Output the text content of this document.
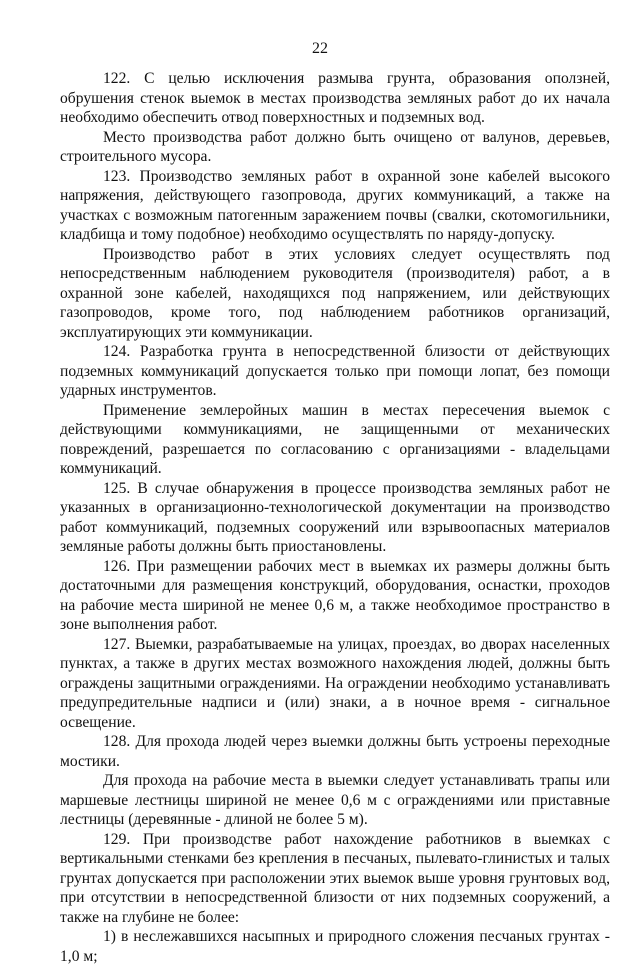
22

122. С целью исключения размыва грунта, образования оползней, обрушения стенок выемок в местах производства земляных работ до их начала необходимо обеспечить отвод поверхностных и подземных вод.

Место производства работ должно быть очищено от валунов, деревьев, строительного мусора.

123. Производство земляных работ в охранной зоне кабелей высокого напряжения, действующего газопровода, других коммуникаций, а также на участках с возможным патогенным заражением почвы (свалки, скотомогильники, кладбища и тому подобное) необходимо осуществлять по наряду-допуску.

Производство работ в этих условиях следует осуществлять под непосредственным наблюдением руководителя (производителя) работ, а в охранной зоне кабелей, находящихся под напряжением, или действующих газопроводов, кроме того, под наблюдением работников организаций, эксплуатирующих эти коммуникации.

124. Разработка грунта в непосредственной близости от действующих подземных коммуникаций допускается только при помощи лопат, без помощи ударных инструментов.

Применение землеройных машин в местах пересечения выемок с действующими коммуникациями, не защищенными от механических повреждений, разрешается по согласованию с организациями - владельцами коммуникаций.

125. В случае обнаружения в процессе производства земляных работ не указанных в организационно-технологической документации на производство работ коммуникаций, подземных сооружений или взрывоопасных материалов земляные работы должны быть приостановлены.

126. При размещении рабочих мест в выемках их размеры должны быть достаточными для размещения конструкций, оборудования, оснастки, проходов на рабочие места шириной не менее 0,6 м, а также необходимое пространство в зоне выполнения работ.

127. Выемки, разрабатываемые на улицах, проездах, во дворах населенных пунктах, а также в других местах возможного нахождения людей, должны быть ограждены защитными ограждениями. На ограждении необходимо устанавливать предупредительные надписи и (или) знаки, а в ночное время - сигнальное освещение.

128. Для прохода людей через выемки должны быть устроены переходные мостики.

Для прохода на рабочие места в выемки следует устанавливать трапы или маршевые лестницы шириной не менее 0,6 м с ограждениями или приставные лестницы (деревянные - длиной не более 5 м).

129. При производстве работ нахождение работников в выемках с вертикальными стенками без крепления в песчаных, пылевато-глинистых и талых грунтах допускается при расположении этих выемок выше уровня грунтовых вод, при отсутствии в непосредственной близости от них подземных сооружений, а также на глубине не более:

1) в неслежавшихся насыпных и природного сложения песчаных грунтах - 1,0 м;
